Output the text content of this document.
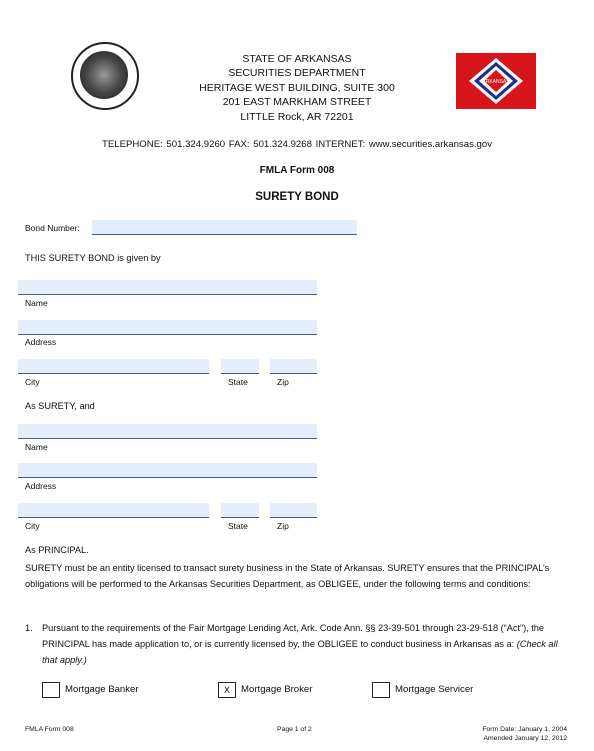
STATE OF ARKANSAS
SECURITIES DEPARTMENT
HERITAGE WEST BUILDING, SUITE 300
201 EAST MARKHAM STREET
LITTLE Rock, AR 72201
ARKANSAS
TELEPHONE: 501.324.9260 FAX: 501.324.9268 INTERNET: www.securities.arkansas.gov
FMLA Form 008
SURETY BOND
Bond Number:
THIS SURETY BOND is given by
Name
Address
City	State	Zip
As SURETY, and
Name
Address
City	State	Zip
As PRINCIPAL.
SURETY must be an entity licensed to transact surety business in the State of Arkansas. SURETY ensures that the PRINCIPAL’s obligations will be performed to the Arkansas Securities Department, as OBLIGEE, under the following terms and conditions:
1. Pursuant to the requirements of the Fair Mortgage Lending Act, Ark. Code Ann. §§ 23-39-501 through 23-29-518 (“Act”), the PRINCIPAL has made application to, or is currently licensed by, the OBLIGEE to conduct business in Arkansas as a: (Check all that apply.)
Mortgage Banker	X	Mortgage Broker	Mortgage Servicer
FMLA Form 008	Page 1 of 2	Form Date: January 1, 2004
Amended January 12, 2012
